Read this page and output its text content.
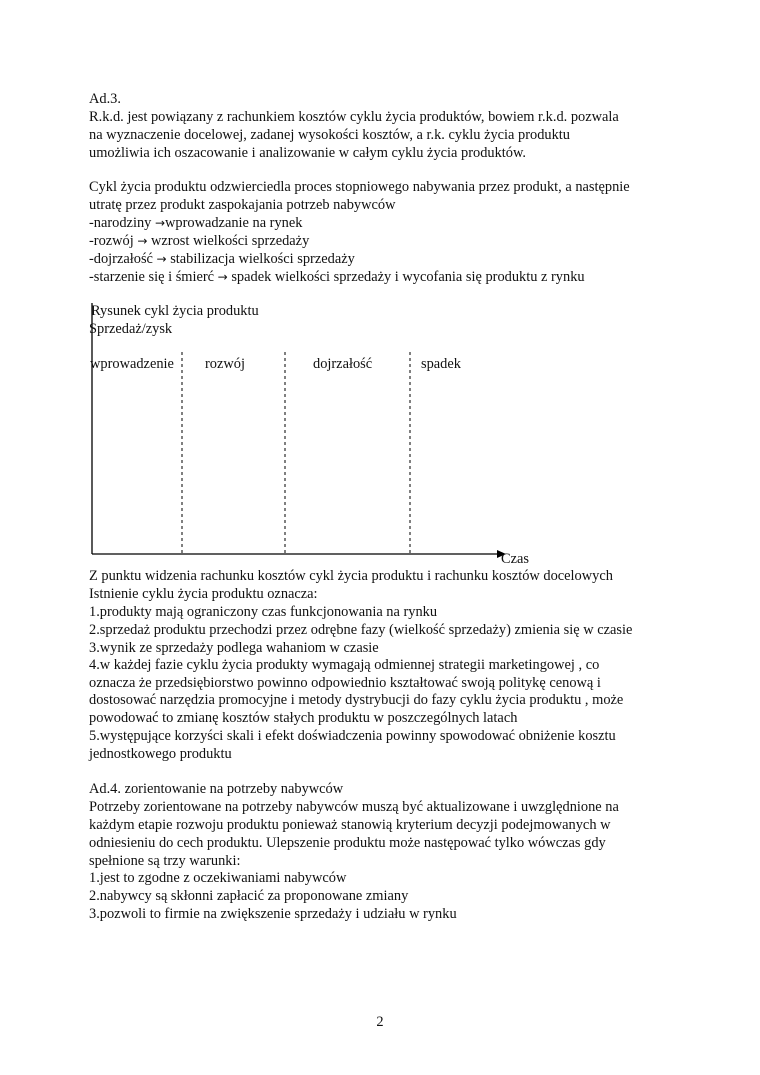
Ad.3.
R.k.d. jest powiązany z rachunkiem kosztów cyklu życia produktów, bowiem r.k.d. pozwala
na wyznaczenie docelowej, zadanej wysokości kosztów, a r.k. cyklu życia produktu
umożliwia ich oszacowanie i analizowanie w całym cyklu życia produktów.
Cykl życia produktu odzwierciedla proces stopniowego nabywania przez produkt, a następnie
utratę przez produkt zaspokajania potrzeb nabywców
-narodziny →wprowadzanie na rynek
-rozwój → wzrost wielkości sprzedaży
-dojrzałość → stabilizacja wielkości sprzedaży
-starzenie się i śmierć → spadek wielkości sprzedaży i wycofania się produktu z rynku
Rysunek cykl życia produktu
Sprzedaż/zysk
wprowadzenie rozwój	dojrzałość	spadek
Czas
Z punktu widzenia rachunku kosztów cykl życia produktu i rachunku kosztów docelowych
Istnienie cyklu życia produktu oznacza:
1.produkty mają ograniczony czas funkcjonowania na rynku
2.sprzedaż produktu przechodzi przez odrębne fazy (wielkość sprzedaży) zmienia się w czasie
3.wynik ze sprzedaży podlega wahaniom w czasie
4.w każdej fazie cyklu życia produkty wymagają odmiennej strategii marketingowej , co
oznacza że przedsiębiorstwo powinno odpowiednio kształtować swoją politykę cenową i
dostosować narzędzia promocyjne i metody dystrybucji do fazy cyklu życia produktu , może
powodować to zmianę kosztów stałych produktu w poszczególnych latach
5.występujące korzyści skali i efekt doświadczenia powinny spowodować obniżenie kosztu
jednostkowego produktu
Ad.4. zorientowanie na potrzeby nabywców
Potrzeby zorientowane na potrzeby nabywców muszą być aktualizowane i uwzględnione na
każdym etapie rozwoju produktu ponieważ stanowią kryterium decyzji podejmowanych w
odniesieniu do cech produktu. Ulepszenie produktu może następować tylko wówczas gdy
spełnione są trzy warunki:
1.jest to zgodne z oczekiwaniami nabywców
2.nabywcy są skłonni zapłacić za proponowane zmiany
3.pozwoli to firmie na zwiększenie sprzedaży i udziału w rynku
2
